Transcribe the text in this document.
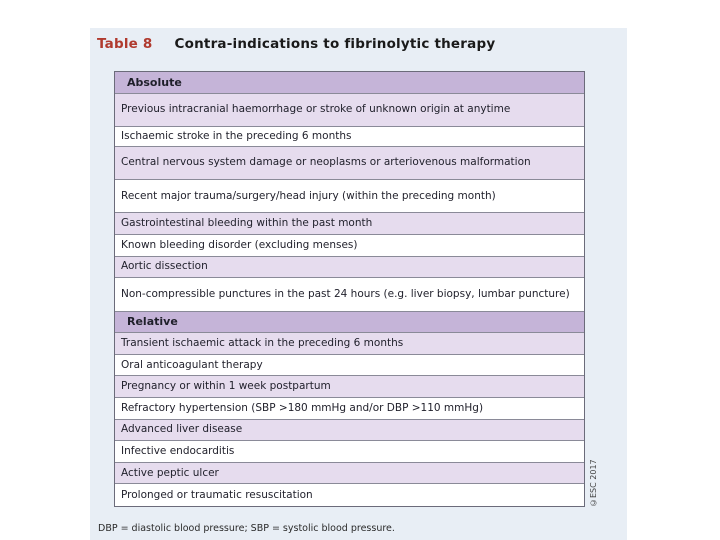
Table 8 Contra-indications to fibrinolytic therapy
Absolute
Previous intracranial haemorrhage or stroke of unknown origin at anytime
Ischaemic stroke in the preceding 6 months
Central nervous system damage or neoplasms or arteriovenous malformation
Recent major trauma/surgery/head injury (within the preceding month)
Gastrointestinal bleeding within the past month
Known bleeding disorder (excluding menses)
Aortic dissection
Non-compressible punctures in the past 24 hours (e.g. liver biopsy, lumbar puncture)
Relative
Transient ischaemic attack in the preceding 6 months
Oral anticoagulant therapy
Pregnancy or within 1 week postpartum
Refractory hypertension (SBP >180 mmHg and/or DBP >110 mmHg)
Advanced liver disease
Infective endocarditis
Active peptic ulcer
Prolonged or traumatic resuscitation	©ESC 2017
DBP = diastolic blood pressure; SBP = systolic blood pressure.
